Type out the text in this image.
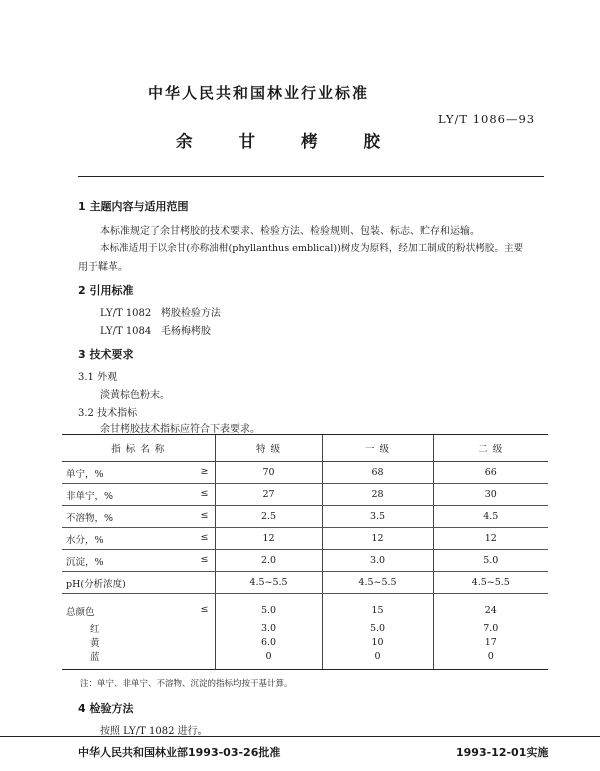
中华人民共和国林业行业标准
LY/T 1086—93
余	甘	栲	胶
1 主题内容与适用范围
本标准规定了余甘栲胶的技术要求、检验方法、检验规则、包装、标志、贮存和运输。
本标准适用于以余甘(亦称油柑(phyllanthus emblical))树皮为原料，经加工制成的粉状栲胶。主要
用于鞣革。
2 引用标准
LY/T 1082 栲胶检验方法
LY/T 1084 毛杨梅栲胶
3 技术要求
3.1 外观
淡黄棕色粉末。
3.2 技术指标
余甘栲胶技术指标应符合下表要求。
指 标 名 称	特 级	一 级	二 级

单宁，% ≥	70	68	66

非单宁，% ≤	27	28	30

不溶物，% ≤	2.5	3.5	4.5

水分，% ≤	12	12	12

沉淀，% ≤	2.0	3.0	5.0

pH(分析浓度)	4.5~5.5	4.5~5.5	4.5~5.5

总颜色 ≤	5.0	15	24

红	3.0	5.0	7.0

黄	6.0	10	17

蓝	0	0	0
注：单宁、非单宁、不溶物、沉淀的指标均按干基计算。
4 检验方法
按照 LY/T 1082 进行。
中华人民共和国林业部1993-03-26批准	1993-12-01实施
